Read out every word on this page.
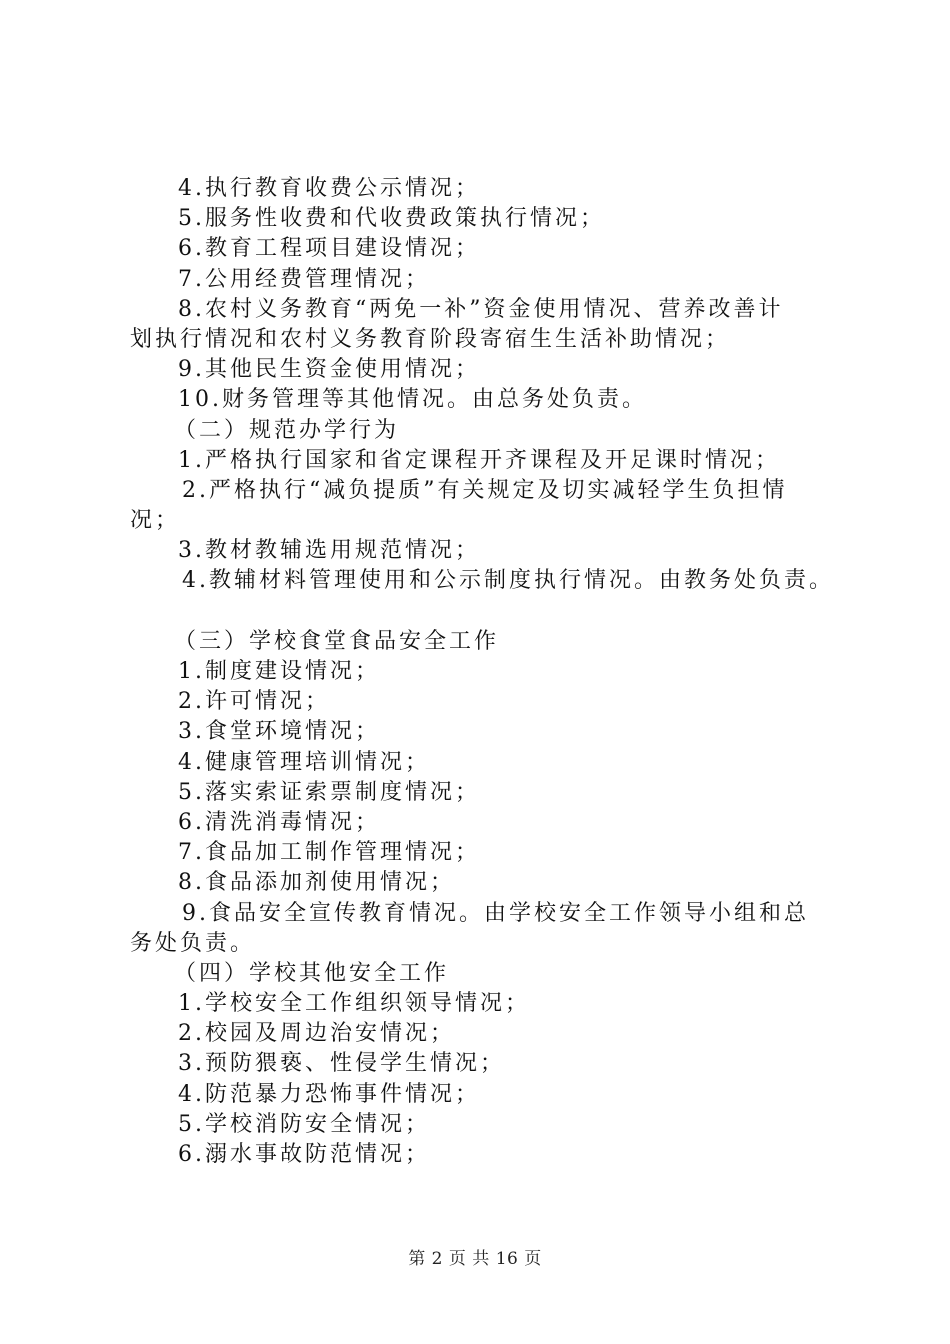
4.执行教育收费公示情况；
5.服务性收费和代收费政策执行情况；
6.教育工程项目建设情况；
7.公用经费管理情况；
8.农村义务教育“两免一补”资金使用情况、营养改善计
划执行情况和农村义务教育阶段寄宿生生活补助情况；
9.其他民生资金使用情况；
10.财务管理等其他情况。由总务处负责。
（二）规范办学行为
1.严格执行国家和省定课程开齐课程及开足课时情况；
2.严格执行“减负提质”有关规定及切实减轻学生负担情
况；
3.教材教辅选用规范情况；
4.教辅材料管理使用和公示制度执行情况。由教务处负责。
（三）学校食堂食品安全工作
1.制度建设情况；
2.许可情况；
3.食堂环境情况；
4.健康管理培训情况；
5.落实索证索票制度情况；
6.清洗消毒情况；
7.食品加工制作管理情况；
8.食品添加剂使用情况；
9.食品安全宣传教育情况。由学校安全工作领导小组和总
务处负责。
（四）学校其他安全工作
1.学校安全工作组织领导情况；
2.校园及周边治安情况；
3.预防猥亵、性侵学生情况；
4.防范暴力恐怖事件情况；
5.学校消防安全情况；
6.溺水事故防范情况；
第 2 页 共 16 页
